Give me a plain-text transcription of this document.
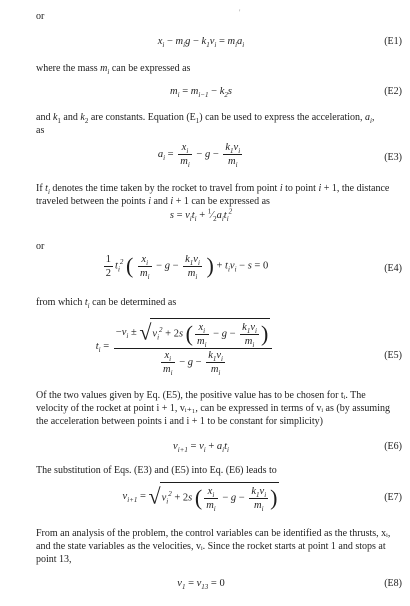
'
or
$x_i - m_ig - k_1v_i = m_ia_i$	(E1)
where the mass $m_i$ can be expressed as
$m_i = m_{i-1} - k_2s$	(E2)
and $k_1$ and $k_2$ are constants. Equation $(E_1)$ can be used to express the acceleration, $a_i$,
as
$a_i = \frac{x_i}{m_i} - g - \frac{k_1v_i}{m_i}$	(E3)
If $t_i$ denotes the time taken by the rocket to travel from point i to point i + 1, the distance traveled between the points i and i + 1 can be expressed as
$s = v_it_i$ + $^1⁄_2a_it_i^2$
or
$\frac{1}{2} t_i^2$ ( $\frac{x_i}{m_i} - g - \frac{k_1v_i}{m_i}$ ) + $t_iv_i - s = 0$	(E4)
from which $t_i$ can be determined as
$t_i$ =
$-v_i \pm √v_i^2 + 2s$ ( $\frac{x_i}{m_i} - g - \frac{k_1v_i}{m_i}$ )
$\frac{x_i}{m_i} - g - \frac{k_1v_i}{m_i}$	(E5)
Of the two values given by Eq. (E5), the positive value has to be chosen for tᵢ. The velocity of the rocket at point i + 1, vᵢ₊₁, can be expressed in terms of vᵢ as (by assuming the acceleration between points i and i + 1 to be constant for simplicity)
$v_{i+1} = v_i + a_it_i$	(E6)
The substitution of Eqs. (E3) and (E5) into Eq. (E6) leads to
$v_{i+1} = √v_i^2 + 2s$ ( $\frac{x_i}{m_i} - g - \frac{k_1v_i}{m_i}$ )	(E7)
From an analysis of the problem, the control variables can be identified as the thrusts, xᵢ, and the state variables as the velocities, vᵢ. Since the rocket starts at point 1 and stops at point 13,
$v_1 = v_{13} = 0$	(E8)
